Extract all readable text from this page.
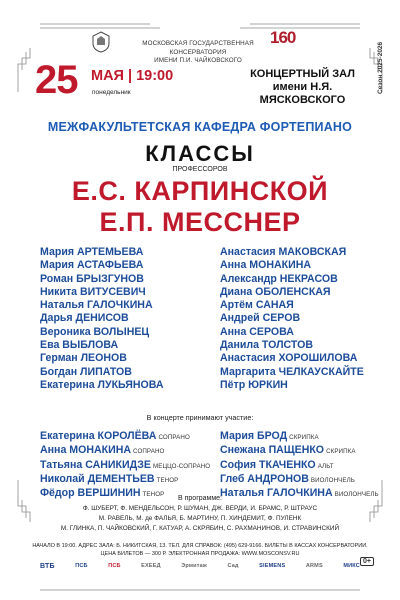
МОСКОВСКАЯ ГОСУДАРСТВЕННАЯ КОНСЕРВАТОРИЯ
ИМЕНИ П.И. ЧАЙКОВСКОГО
160
Сезон 2025-2026
25 МАЯ | 19:00
понедельник
КОНЦЕРТНЫЙ ЗАЛ
имени Н.Я. МЯСКОВСКОГО
МЕЖФАКУЛЬТЕТСКАЯ КАФЕДРА ФОРТЕПИАНО
КЛАССЫ
ПРОФЕССОРОВ
Е.С. КАРПИНСКОЙ
Е.П. МЕССНЕР
Мария АРТЕМЬЕВА
Мария АСТАФЬЕВА
Роман БРЫЗГУНОВ
Никита ВИТУСЕВИЧ
Наталья ГАЛОЧКИНА
Дарья ДЕНИСОВ
Вероника ВОЛЫНЕЦ
Ева ВЫБЛОВА
Герман ЛЕОНОВ
Богдан ЛИПАТОВ
Екатерина ЛУКЬЯНОВА
Анастасия МАКОВСКАЯ
Анна МОНАКИНА
Александр НЕКРАСОВ
Диана ОБОЛЕНСКАЯ
Артём САНАЯ
Андрей СЕРОВ
Анна СЕРОВА
Данила ТОЛСТОВ
Анастасия ХОРОШИЛОВА
Маргарита ЧЕЛКАУСКАЙТЕ
Пётр ЮРКИН
В концерте принимают участие:
Екатерина КОРОЛЁВА СОПРАНО
Анна МОНАКИНА СОПРАНО
Татьяна САНИКИДЗЕ МЕЦЦО-СОПРАНО
Николай ДЕМЕНТЬЕВ ТЕНОР
Фёдор ВЕРШИНИН ТЕНОР
Мария БРОД СКРИПКА
Снежана ПАЩЕНКО СКРИПКА
София ТКАЧЕНКО АЛЬТ
Глеб АНДРОНОВ ВИОЛОНЧЕЛЬ
Наталья ГАЛОЧКИНА ВИОЛОНЧЕЛЬ
В программе:
Ф. ШУБЕРТ, Ф. МЕНДЕЛЬСОН, Р. ШУМАН, ДЖ. ВЕРДИ, И. БРАМС, Р. ШТРАУС
М. РАВЕЛЬ, М. де ФАЛЬЯ, Б. МАРТИНУ, П. ХИНДЕМИТ, Ф. ПУЛЕНК
М. ГЛИНКА, П. ЧАЙКОВСКИЙ, Г. КАТУАР, А. СКРЯБИН, С. РАХМАНИНОВ, И. СТРАВИНСКИЙ
НАЧАЛО В 19:00. АДРЕС ЗАЛА: Б. НИКИТСКАЯ, 13. ТЕЛ. ДЛЯ СПРАВОК: (495) 629-9166. БИЛЕТЫ В КАССАХ КОНСЕРВАТОРИИ.
ЦЕНА БИЛЕТОВ — 300 Р. ЭЛЕКТРОННАЯ ПРОДАЖА: WWW.MOSCONSV.RU
ВТБ	ПСБ	ПСБ	ЕХЕЕД	Эрмитаж	Сад	SIEMENS	ARMS	МИКС
0+
